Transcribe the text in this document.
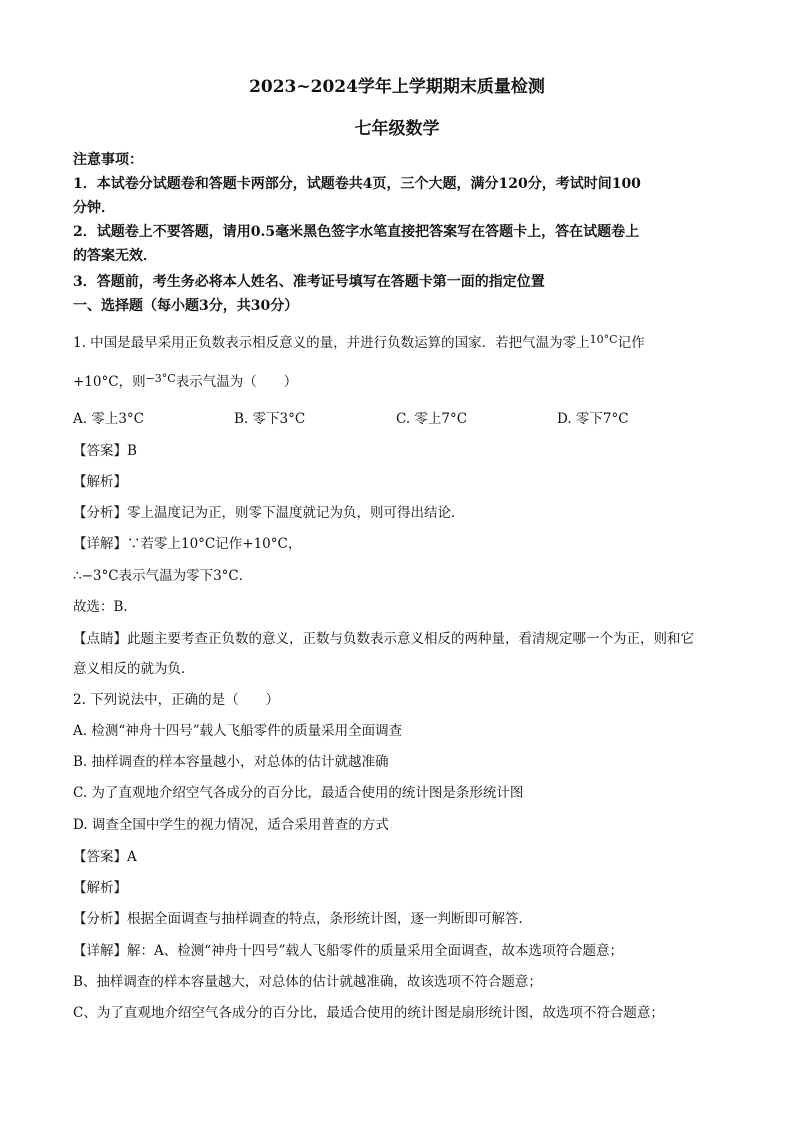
2023~2024学年上学期期末质量检测
七年级数学
注意事项：
1．本试卷分试题卷和答题卡两部分，试题卷共4页，三个大题，满分120分，考试时间100
分钟．
2．试题卷上不要答题，请用0.5毫米黑色签字水笔直接把答案写在答题卡上，答在试题卷上
的答案无效．
3．答题前，考生务必将本人姓名、准考证号填写在答题卡第一面的指定位置
一、选择题（每小题3分，共30分）
1. 中国是最早采用正负数表示相反意义的量，并进行负数运算的国家．若把气温为零上$^{10^\circ C}$记作
+10°C，则$^{-3^\circ C}$表示气温为（　　）
A. 零上3°C	B. 零下3°C	C. 零上7°C	D. 零下7°C
【答案】B
【解析】
【分析】零上温度记为正，则零下温度就记为负，则可得出结论．
【详解】∵若零上10°C记作+10°C，
∴−3°C表示气温为零下3°C．
故选：B．
【点睛】此题主要考查正负数的意义，正数与负数表示意义相反的两种量，看清规定哪一个为正，则和它
意义相反的就为负．
2. 下列说法中，正确的是（　　）
A. 检测“神舟十四号”载人飞船零件的质量采用全面调查
B. 抽样调查的样本容量越小，对总体的估计就越准确
C. 为了直观地介绍空气各成分的百分比，最适合使用的统计图是条形统计图
D. 调查全国中学生的视力情况，适合采用普查的方式
【答案】A
【解析】
【分析】根据全面调查与抽样调查的特点，条形统计图，逐一判断即可解答．
【详解】解：A、检测“神舟十四号”载人飞船零件的质量采用全面调查，故本选项符合题意；
B、抽样调查的样本容量越大，对总体的估计就越准确，故该选项不符合题意；
C、为了直观地介绍空气各成分的百分比，最适合使用的统计图是扇形统计图，故选项不符合题意；
